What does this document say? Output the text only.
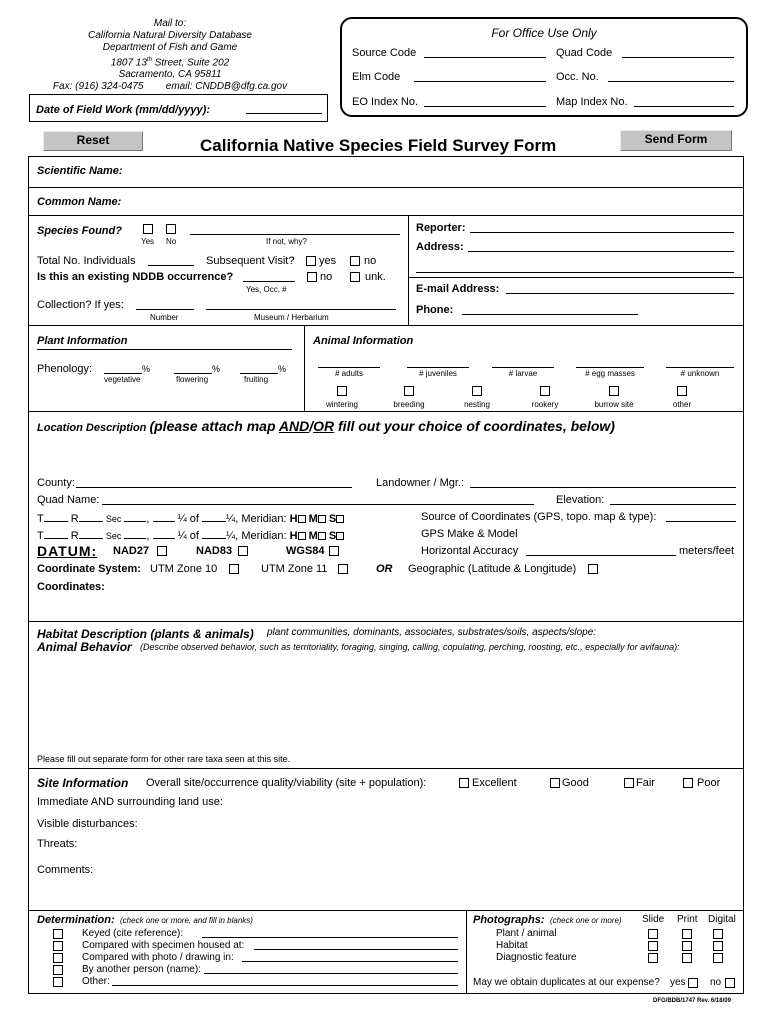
Mail to:
California Natural Diversity Database
Department of Fish and Game
1807 13th Street, Suite 202
Sacramento, CA 95811
Fax: (916) 324-0475 email: CNDDB@dfg.ca.gov
Date of Field Work (mm/dd/yyyy):
For Office Use Only
Source Code	Quad Code
Elm Code	Occ. No.
EO Index No.	Map Index No.
Reset	Send Form
California Native Species Field Survey Form
Scientific Name:
Common Name:
Species Found?
Yes No	If not, why?
Total No. Individuals	Subsequent Visit? yes	no
Is this an existing NDDB occurrence?	no	unk.
Yes, Occ. #
Collection? If yes:
Number	Museum / Herbarium
Reporter:
Address:
E-mail Address:
Phone:
Plant Information
Phenology:	%	%	%
vegetative	flowering	fruiting
Animal Information
# adults	# juveniles	# larvae	# egg masses	# unknown
wintering	breeding	nesting	rookery	burrow site	other
Location Description (please attach map AND/OR fill out your choice of coordinates, below)
County:	Landowner / Mgr.:
Quad Name:	Elevation:
T R	Sec ,  ¼ of ¼, Meridian: H M S	Source of Coordinates (GPS, topo. map & type):
T R	Sec ,  ¼ of ¼, Meridian: H M S	GPS Make & Model
DATUM: NAD27	NAD83	WGS84	Horizontal Accuracy	meters/feet
Coordinate System: UTM Zone 10	UTM Zone 11	OR Geographic (Latitude & Longitude)
Coordinates:
Habitat Description (plants & animals) plant communities, dominants, associates, substrates/soils, aspects/slope:
Animal Behavior (Describe observed behavior, such as territoriality, foraging, singing, calling, copulating, perching, roosting, etc., especially for avifauna):
Please fill out separate form for other rare taxa seen at this site.
Site Information Overall site/occurrence quality/viability (site + population):	Excellent	Good	Fair	Poor
Immediate AND surrounding land use:
Visible disturbances:
Threats:
Comments:
Determination: (check one or more, and fill in blanks)
Keyed (cite reference):
Compared with specimen housed at:
Compared with photo / drawing in:
By another person (name):
Other:
Photographs: (check one or more) Slide Print Digital
Plant / animal
Habitat
Diagnostic feature
May we obtain duplicates at our expense? yes no
DFG/BDB/1747 Rev. 6/18/09
